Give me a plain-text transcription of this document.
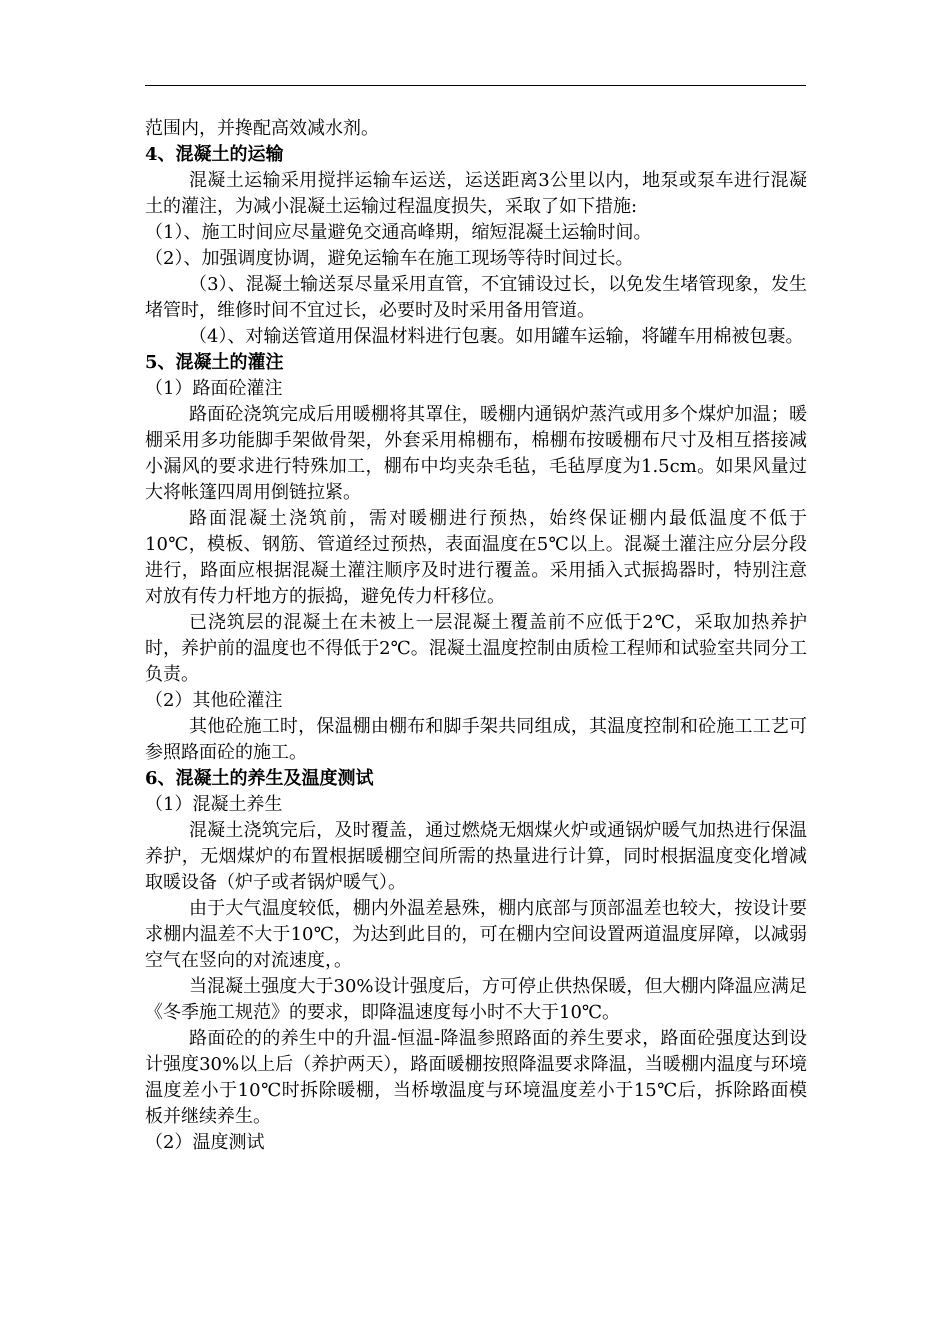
范围内，并搀配高效减水剂。

4、混凝土的运输

混凝土运输采用搅拌运输车运送，运送距离3公里以内，地泵或泵车进行混凝土的灌注，为减小混凝土运输过程温度损失，采取了如下措施:

（1）、施工时间应尽量避免交通高峰期，缩短混凝土运输时间。

（2）、加强调度协调，避免运输车在施工现场等待时间过长。

（3）、混凝土输送泵尽量采用直管，不宜铺设过长，以免发生堵管现象，发生堵管时，维修时间不宜过长，必要时及时采用备用管道。

（4）、对输送管道用保温材料进行包裹。如用罐车运输，将罐车用棉被包裹。

5、混凝土的灌注

（1）路面砼灌注

路面砼浇筑完成后用暖棚将其罩住，暖棚内通锅炉蒸汽或用多个煤炉加温；暖棚采用多功能脚手架做骨架，外套采用棉棚布，棉棚布按暖棚布尺寸及相互搭接减小漏风的要求进行特殊加工，棚布中均夹杂毛毡，毛毡厚度为1.5cm。如果风量过大将帐篷四周用倒链拉紧。

路面混凝土浇筑前，需对暖棚进行预热，始终保证棚内最低温度不低于10℃，模板、钢筋、管道经过预热，表面温度在5℃以上。混凝土灌注应分层分段进行，路面应根据混凝土灌注顺序及时进行覆盖。采用插入式振捣器时，特别注意对放有传力杆地方的振捣，避免传力杆移位。

已浇筑层的混凝土在未被上一层混凝土覆盖前不应低于2℃，采取加热养护时，养护前的温度也不得低于2℃。混凝土温度控制由质检工程师和试验室共同分工负责。

（2）其他砼灌注

其他砼施工时，保温棚由棚布和脚手架共同组成，其温度控制和砼施工工艺可参照路面砼的施工。

6、混凝土的养生及温度测试

（1）混凝土养生

混凝土浇筑完后，及时覆盖，通过燃烧无烟煤火炉或通锅炉暖气加热进行保温养护，无烟煤炉的布置根据暖棚空间所需的热量进行计算，同时根据温度变化增减取暖设备（炉子或者锅炉暖气）。

由于大气温度较低，棚内外温差悬殊，棚内底部与顶部温差也较大，按设计要求棚内温差不大于10℃，为达到此目的，可在棚内空间设置两道温度屏障，以减弱空气在竖向的对流速度，。

当混凝土强度大于30%设计强度后，方可停止供热保暖，但大棚内降温应满足《冬季施工规范》的要求，即降温速度每小时不大于10℃。

路面砼的的养生中的升温-恒温-降温参照路面的养生要求，路面砼强度达到设计强度30%以上后（养护两天），路面暖棚按照降温要求降温，当暖棚内温度与环境温度差小于10℃时拆除暖棚，当桥墩温度与环境温度差小于15℃后，拆除路面模板并继续养生。

（2）温度测试
